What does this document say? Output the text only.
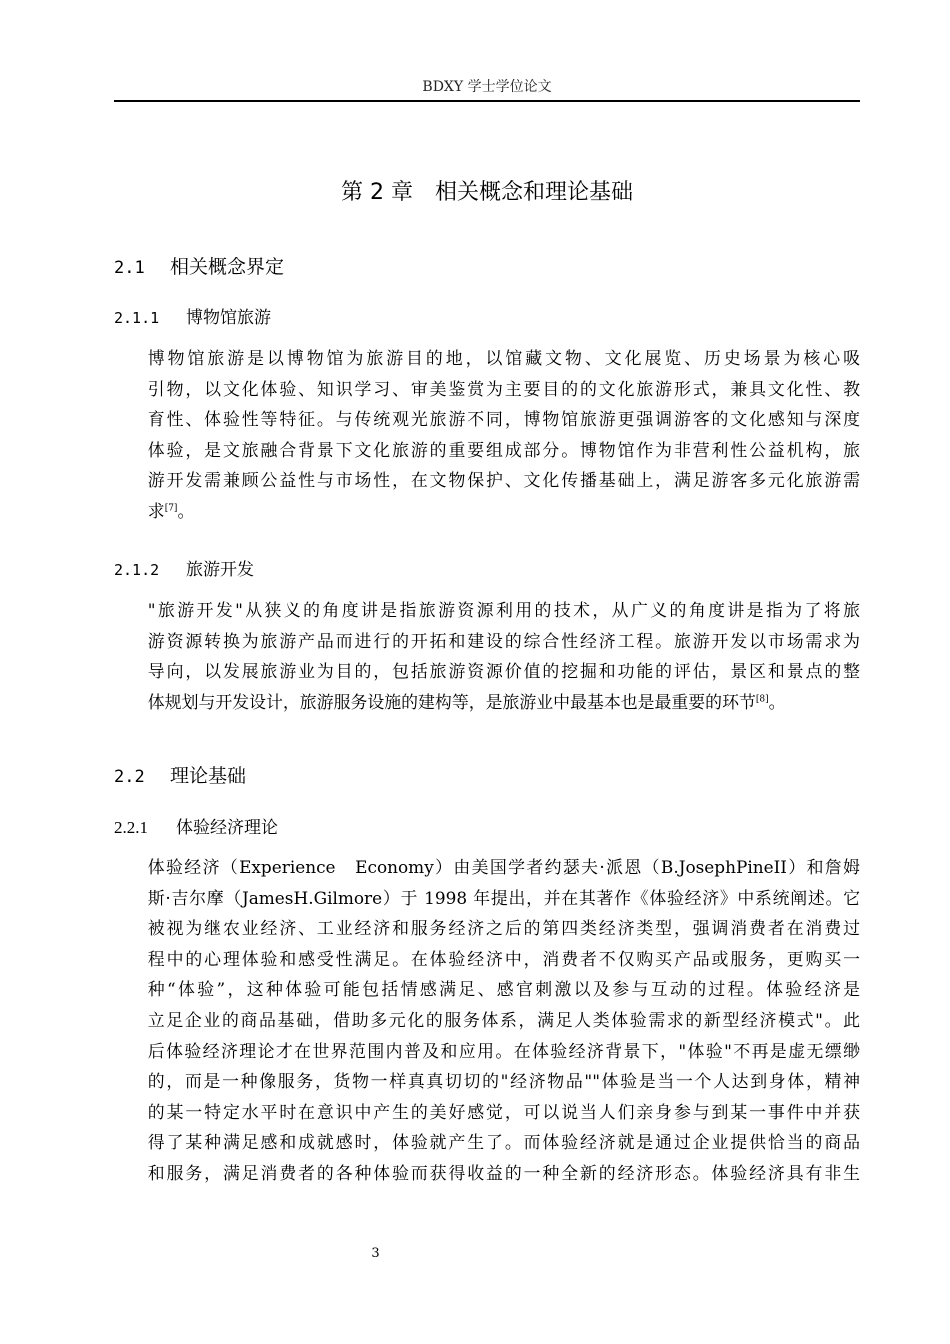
BDXY 学士学位论文
第 2 章　相关概念和理论基础
2.1 相关概念界定
2.1.1 博物馆旅游
博物馆旅游是以博物馆为旅游目的地，以馆藏文物、文化展览、历史场景为核心吸
引物，以文化体验、知识学习、审美鉴赏为主要目的的文化旅游形式，兼具文化性、教
育性、体验性等特征。与传统观光旅游不同，博物馆旅游更强调游客的文化感知与深度
体验，是文旅融合背景下文化旅游的重要组成部分。博物馆作为非营利性公益机构，旅
游开发需兼顾公益性与市场性，在文物保护、文化传播基础上，满足游客多元化旅游需
求[7]。
2.1.2 旅游开发
"旅游开发"从狭义的角度讲是指旅游资源利用的技术，从广义的角度讲是指为了将旅
游资源转换为旅游产品而进行的开拓和建设的综合性经济工程。旅游开发以市场需求为
导向，以发展旅游业为目的，包括旅游资源价值的挖掘和功能的评估，景区和景点的整
体规划与开发设计，旅游服务设施的建构等，是旅游业中最基本也是最重要的环节[8]。
2.2 理论基础
2.2.1 体验经济理论
体验经济（Experience　Economy）由美国学者约瑟夫·派恩（B.JosephPineII）和詹姆
斯·吉尔摩（JamesH.Gilmore）于 1998 年提出，并在其著作《体验经济》中系统阐述。它
被视为继农业经济、工业经济和服务经济之后的第四类经济类型，强调消费者在消费过
程中的心理体验和感受性满足。在体验经济中，消费者不仅购买产品或服务，更购买一
种“体验”，这种体验可能包括情感满足、感官刺激以及参与互动的过程。体验经济是
立足企业的商品基础，借助多元化的服务体系，满足人类体验需求的新型经济模式"。此
后体验经济理论才在世界范围内普及和应用。在体验经济背景下，"体验"不再是虚无缥缈
的，而是一种像服务，货物一样真真切切的"经济物品""体验是当一个人达到身体，精神
的某一特定水平时在意识中产生的美好感觉，可以说当人们亲身参与到某一事件中并获
得了某种满足感和成就感时，体验就产生了。而体验经济就是通过企业提供恰当的商品
和服务，满足消费者的各种体验而获得收益的一种全新的经济形态。体验经济具有非生
3
